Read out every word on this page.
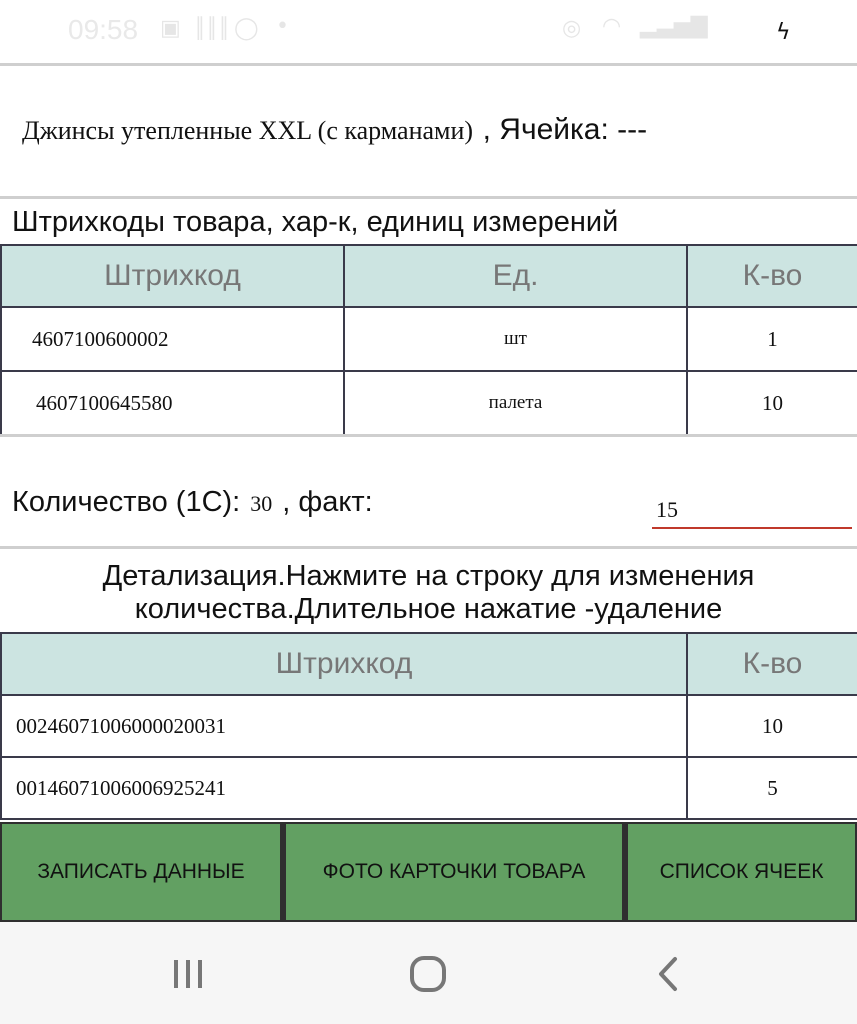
09:58 ▣ ║║║ ◯ •	◎ ◠ ▂▃▅▇	ϟ
Джинсы утепленные XXL (с карманами) , Ячейка: ---
Штрихкоды товара, хар-к, единиц измерений
Штрихкод	Ед.	К-во
4607100600002	шт	1
4607100645580	палета	10
Количество (1С): 30 , факт:
15
Детализация.Нажмите на строку для изменения
количества.Длительное нажатие -удаление
Штрихкод	К-во
00246071006000020031	10
00146071006006925241	5
ЗАПИСАТЬ ДАННЫЕ	ФОТО КАРТОЧКИ ТОВАРА	СПИСОК ЯЧЕЕК
